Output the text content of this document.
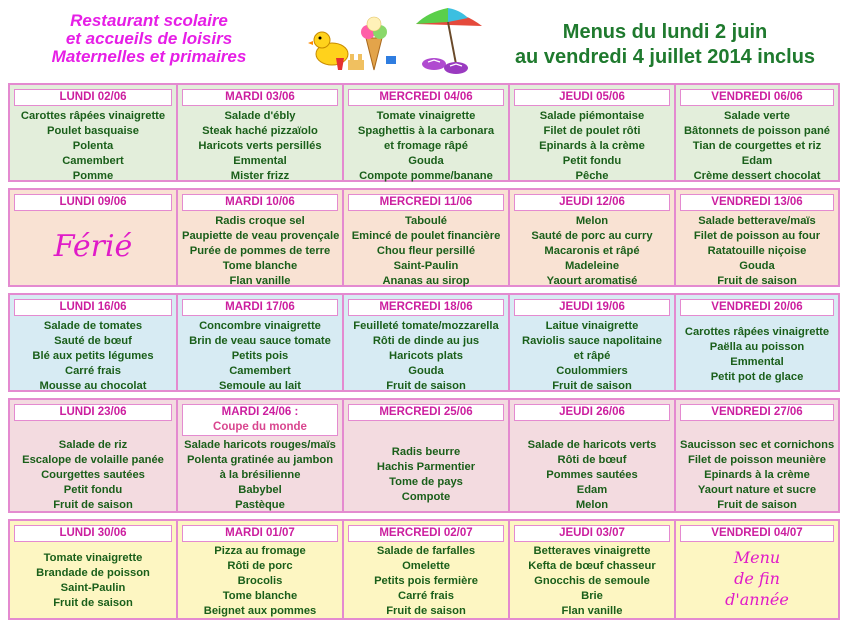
Restaurant scolaire
et accueils de loisirs
Maternelles et primaires
Menus du lundi 2 juin
au vendredi 4 juillet 2014 inclus
LUNDI 02/06
Carottes râpées vinaigrette
Poulet basquaise
Polenta
Camembert
Pomme
MARDI 03/06
Salade d'ébly
Steak haché pizzaïolo
Haricots verts persillés
Emmental
Mister frizz
MERCREDI 04/06
Tomate vinaigrette
Spaghettis à la carbonara
et fromage râpé
Gouda
Compote pomme/banane
JEUDI 05/06
Salade piémontaise
Filet de poulet rôti
Epinards à la crème
Petit fondu
Pêche
VENDREDI 06/06
Salade verte
Bâtonnets de poisson pané
Tian de courgettes et riz
Edam
Crème dessert chocolat
LUNDI 09/06
Férié
MARDI 10/06
Radis croque sel
Paupiette de veau provençale
Purée de pommes de terre
Tome blanche
Flan vanille
MERCREDI 11/06
Taboulé
Emincé de poulet financière
Chou fleur persillé
Saint-Paulin
Ananas au sirop
JEUDI 12/06
Melon
Sauté de porc au curry
Macaronis et râpé
Madeleine
Yaourt aromatisé
VENDREDI 13/06
Salade betterave/maïs
Filet de poisson au four
Ratatouille niçoise
Gouda
Fruit de saison
LUNDI 16/06
Salade de tomates
Sauté de bœuf
Blé aux petits légumes
Carré frais
Mousse au chocolat
MARDI 17/06
Concombre vinaigrette
Brin de veau sauce tomate
Petits pois
Camembert
Semoule au lait
MERCREDI 18/06
Feuilleté tomate/mozzarella
Rôti de dinde au jus
Haricots plats
Gouda
Fruit de saison
JEUDI 19/06
Laitue vinaigrette
Raviolis sauce napolitaine
et râpé
Coulommiers
Fruit de saison
VENDREDI 20/06
Carottes râpées vinaigrette
Paëlla au poisson
Emmental
Petit pot de glace
LUNDI 23/06
Salade de riz
Escalope de volaille panée
Courgettes sautées
Petit fondu
Fruit de saison
MARDI 24/06 :
Coupe du monde
Salade haricots rouges/maïs
Polenta gratinée au jambon
à la brésilienne
Babybel
Pastèque
MERCREDI 25/06
Radis beurre
Hachis Parmentier
Tome de pays
Compote
JEUDI 26/06
Salade de haricots verts
Rôti de bœuf
Pommes sautées
Edam
Melon
VENDREDI 27/06
Saucisson sec et cornichons
Filet de poisson meunière
Epinards à la crème
Yaourt nature et sucre
Fruit de saison
LUNDI 30/06
Tomate vinaigrette
Brandade de poisson
Saint-Paulin
Fruit de saison
MARDI 01/07
Pizza au fromage
Rôti de porc
Brocolis
Tome blanche
Beignet aux pommes
MERCREDI 02/07
Salade de farfalles
Omelette
Petits pois fermière
Carré frais
Fruit de saison
JEUDI 03/07
Betteraves vinaigrette
Kefta de bœuf chasseur
Gnocchis de semoule
Brie
Flan vanille
VENDREDI 04/07
Menu
de fin
d'année
